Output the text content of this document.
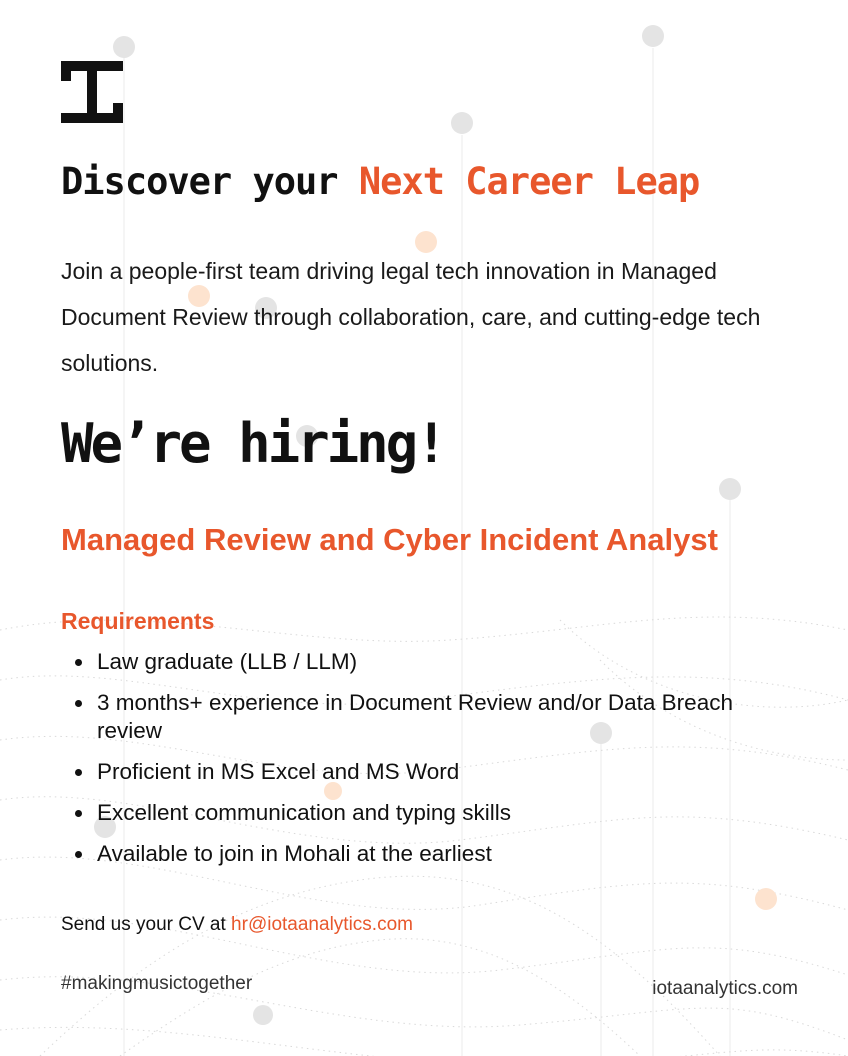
Discover your Next Career Leap

Join a people-first team driving legal tech innovation in Managed Document Review through collaboration, care, and cutting-edge tech solutions.

We’re hiring!
Managed Review and Cyber Incident Analyst
Requirements
Law graduate (LLB / LLM)
3 months+ experience in Document Review and/or Data Breach review
Proficient in MS Excel and MS Word
Excellent communication and typing skills
Available to join in Mohali at the earliest

Send us your CV at hr@iotaanalytics.com

#makingmusictogether	iotaanalytics.com
